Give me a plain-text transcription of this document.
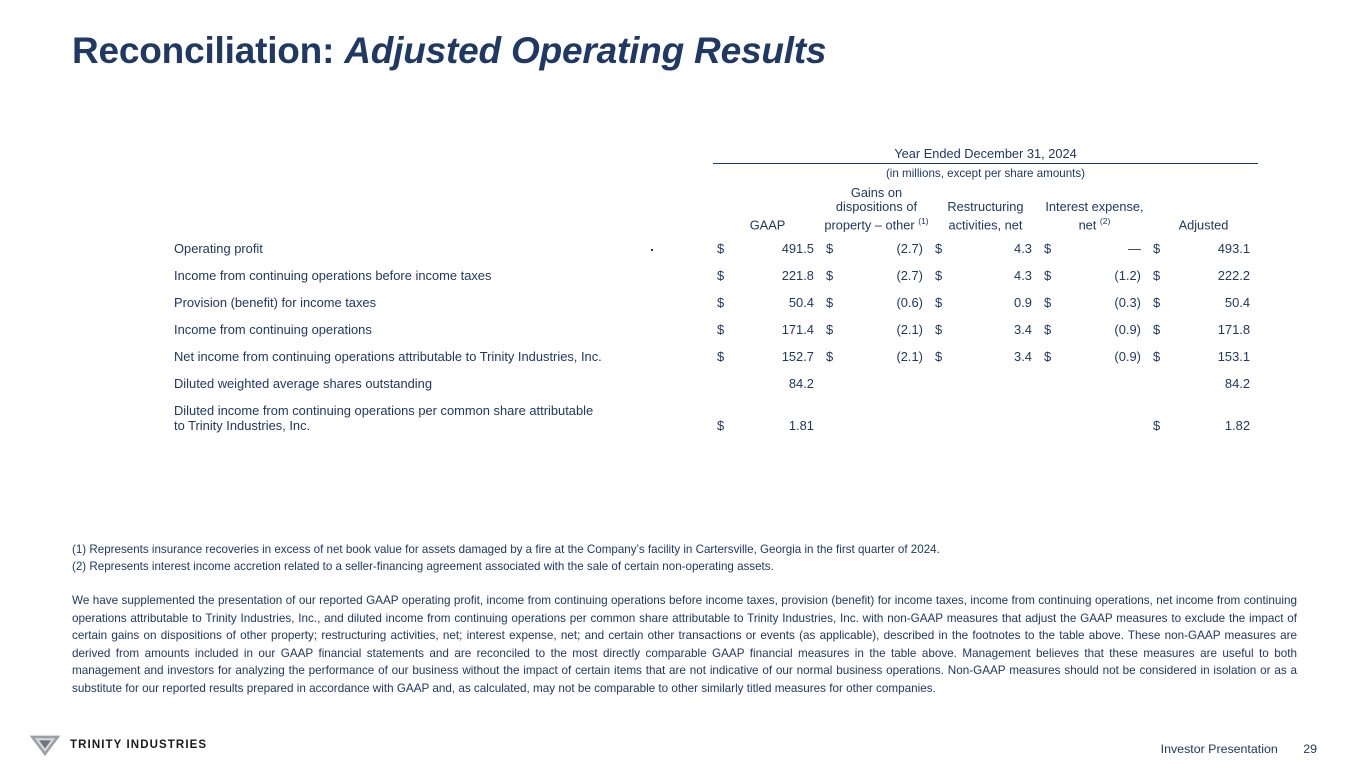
Reconciliation: Adjusted Operating Results
	Year Ended December 31, 2024									
	(in millions, except per share amounts)									
	GAAP		Gains on dispositions of property – other $^{(1)}$		Restructuring activities, net		Interest expense, net $^{(2)}$		Adjusted	
Operating profit	$	491.5	$	(2.7)	$	4.3	$	—	$	493.1
Income from continuing operations before income taxes	$	221.8	$	(2.7)	$	4.3	$	(1.2)	$	222.2
Provision (benefit) for income taxes	$	50.4	$	(0.6)	$	0.9	$	(0.3)	$	50.4
Income from continuing operations	$	171.4	$	(2.1)	$	3.4	$	(0.9)	$	171.8
Net income from continuing operations attributable to Trinity Industries, Inc.	$	152.7	$	(2.1)	$	3.4	$	(0.9)	$	153.1
Diluted weighted average shares outstanding		84.2								84.2

Diluted income from continuing operations per common share attributable
to Trinity Industries, Inc.	$	1.81							$	1.82
(1) Represents insurance recoveries in excess of net book value for assets damaged by a fire at the Company’s facility in Cartersville, Georgia in the first quarter of 2024.
(2) Represents interest income accretion related to a seller-financing agreement associated with the sale of certain non-operating assets.
We have supplemented the presentation of our reported GAAP operating profit, income from continuing operations before income taxes, provision (benefit) for income taxes, income from continuing operations, net income from continuing operations attributable to Trinity Industries, Inc., and diluted income from continuing operations per common share attributable to Trinity Industries, Inc. with non-GAAP measures that adjust the GAAP measures to exclude the impact of certain gains on dispositions of other property; restructuring activities, net; interest expense, net; and certain other transactions or events (as applicable), described in the footnotes to the table above. These non-GAAP measures are derived from amounts included in our GAAP financial statements and are reconciled to the most directly comparable GAAP financial measures in the table above. Management believes that these measures are useful to both management and investors for analyzing the performance of our business without the impact of certain items that are not indicative of our normal business operations. Non-GAAP measures should not be considered in isolation or as a substitute for our reported results prepared in accordance with GAAP and, as calculated, may not be comparable to other similarly titled measures for other companies.
TRINITY INDUSTRIES	Investor Presentation 29
